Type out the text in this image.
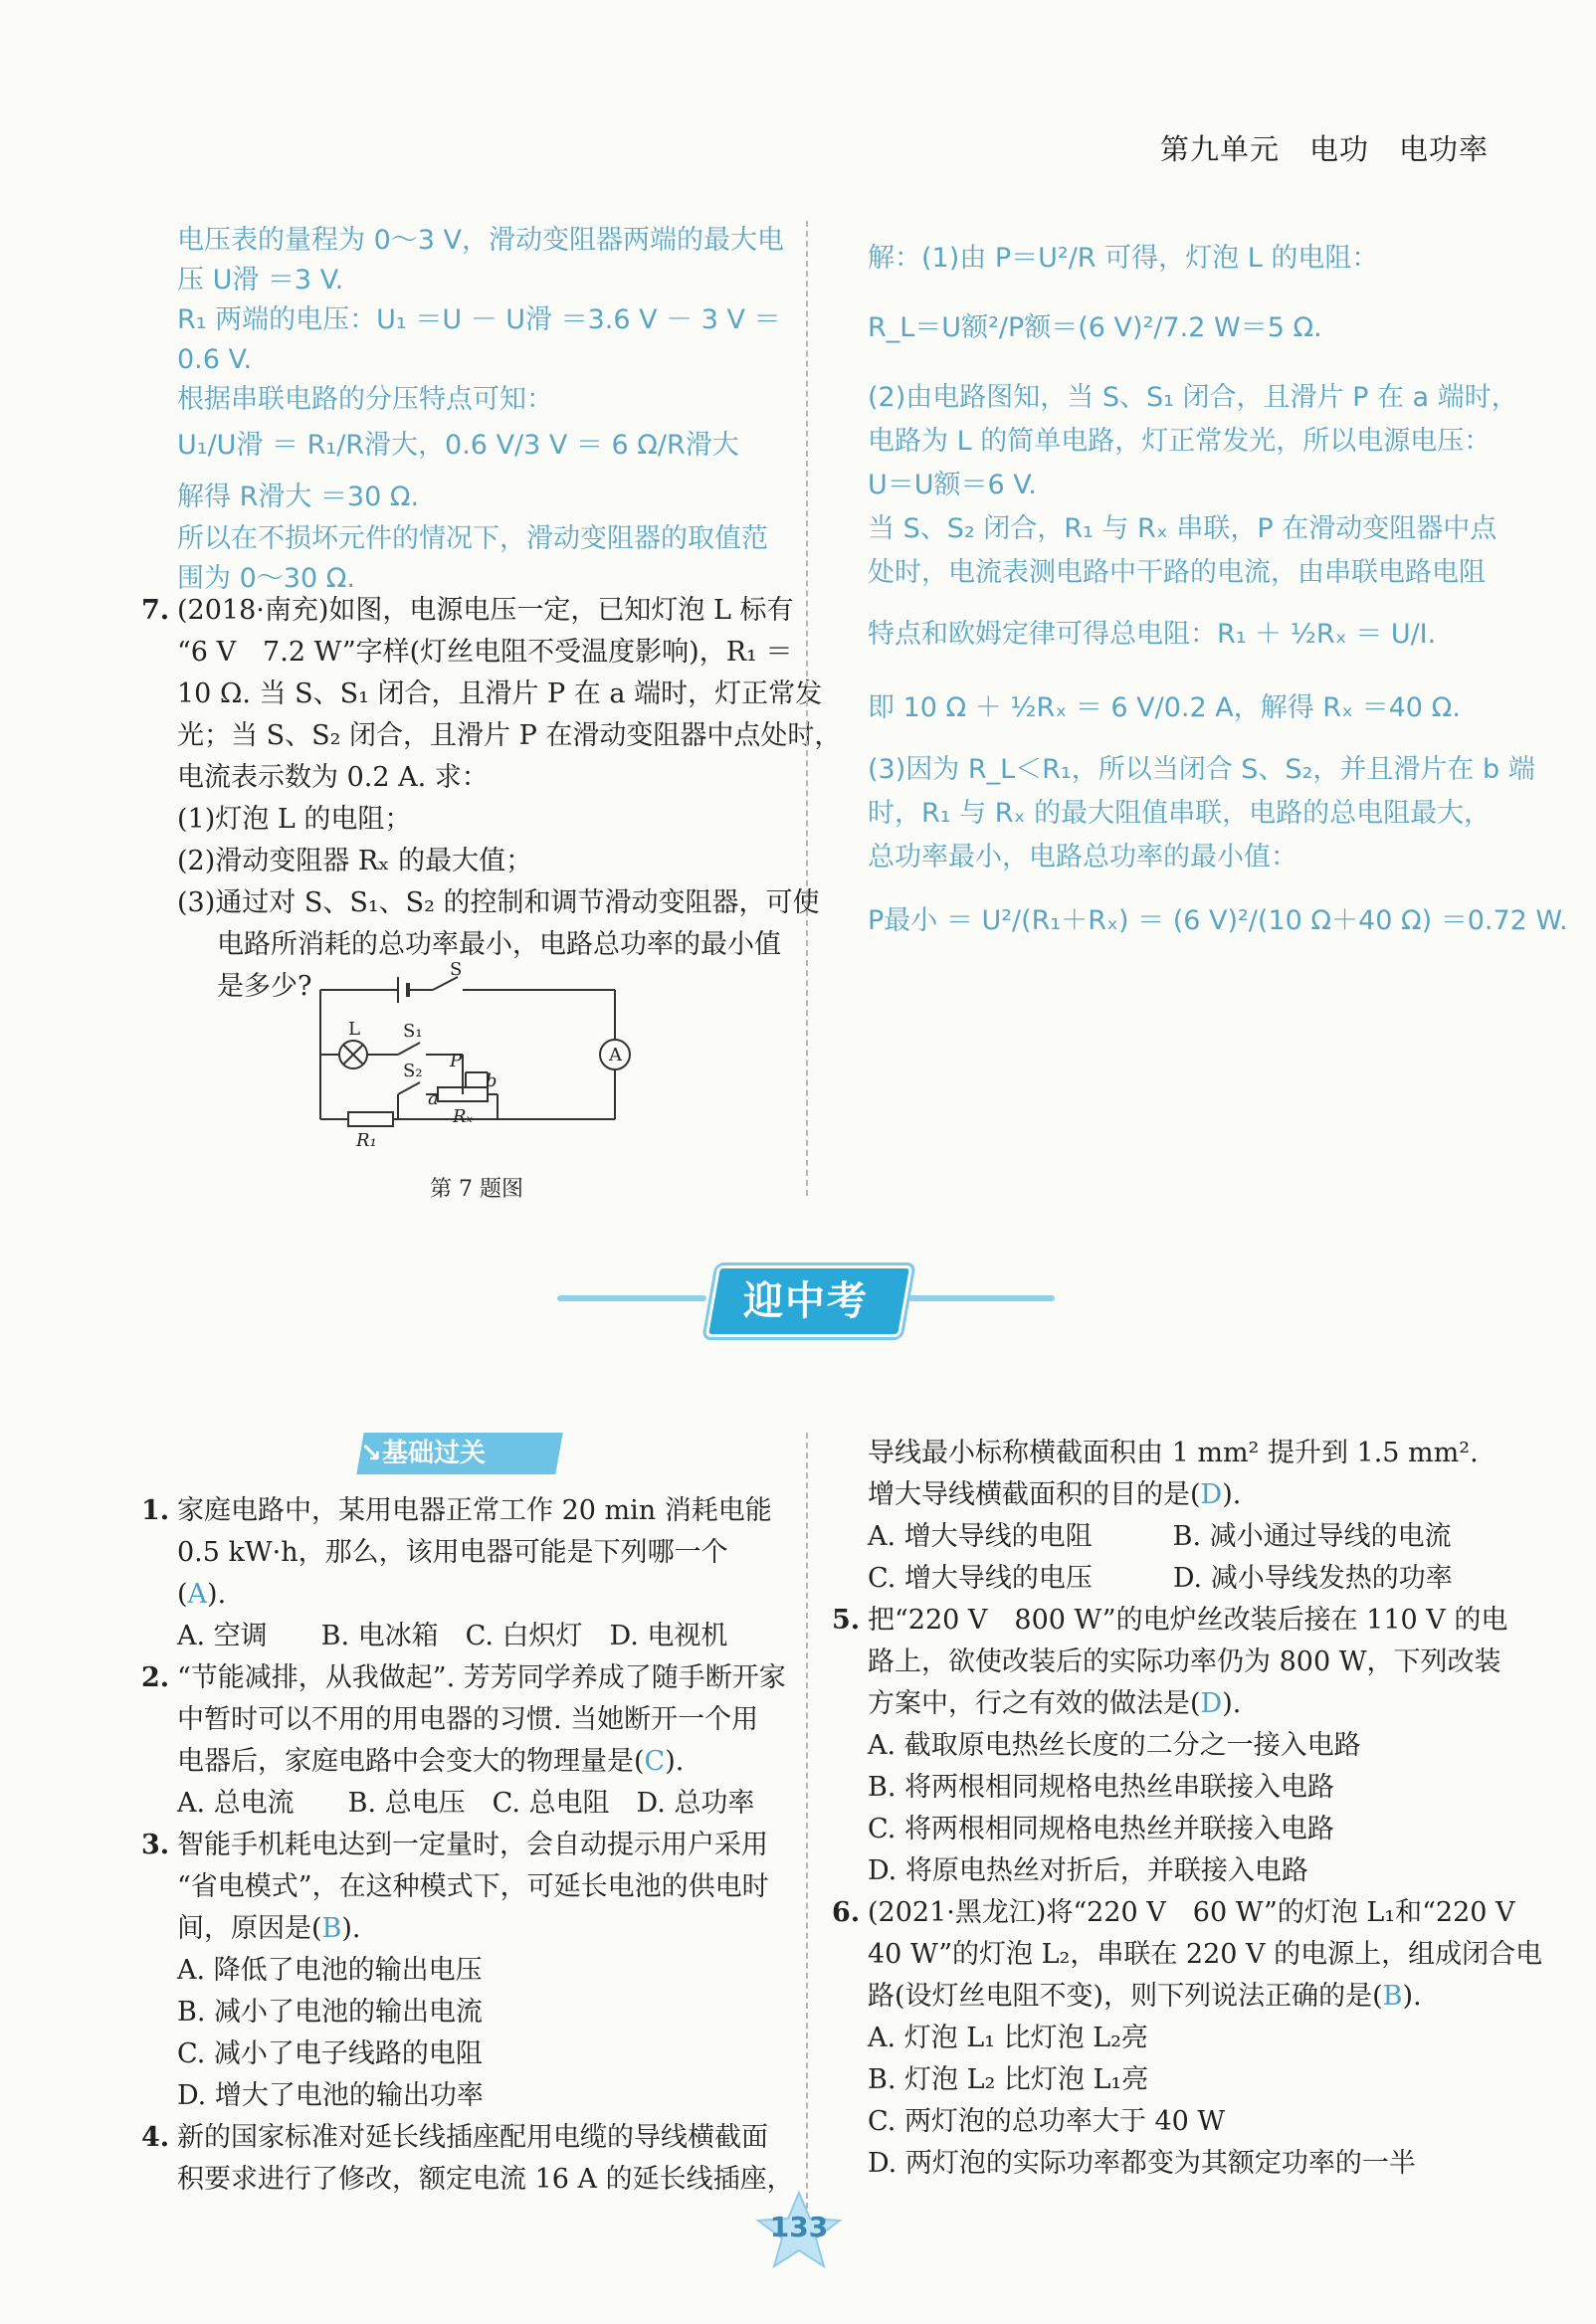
第九单元　电功　电功率
电压表的量程为 0～3 V，滑动变阻器两端的最大电
压 U滑 ＝3 V.
R₁ 两端的电压：U₁ ＝U － U滑 ＝3.6 V － 3 V ＝
0.6 V.
根据串联电路的分压特点可知：
U₁/U滑 ＝ R₁/R滑大，0.6 V/3 V ＝ 6 Ω/R滑大
解得 R滑大 ＝30 Ω.
所以在不损坏元件的情况下，滑动变阻器的取值范
围为 0～30 Ω.
7. (2018·南充)如图，电源电压一定，已知灯泡 L 标有
“6 V　7.2 W”字样(灯丝电阻不受温度影响)，R₁ ＝
10 Ω. 当 S、S₁ 闭合，且滑片 P 在 a 端时，灯正常发
光；当 S、S₂ 闭合，且滑片 P 在滑动变阻器中点处时，
电流表示数为 0.2 A. 求：
(1)灯泡 L 的电阻；
(2)滑动变阻器 Rₓ 的最大值；
(3)通过对 S、S₁、S₂ 的控制和调节滑动变阻器，可使
电路所消耗的总功率最小，电路总功率的最小值
是多少?
S
L S₁
S₂ P
a
b
Rₓ
R₁
A
第 7 题图
解：(1)由 P＝U²/R 可得，灯泡 L 的电阻：
R_L＝U额²/P额＝(6 V)²/7.2 W＝5 Ω.
(2)由电路图知，当 S、S₁ 闭合，且滑片 P 在 a 端时，
电路为 L 的简单电路，灯正常发光，所以电源电压：
U＝U额＝6 V.
当 S、S₂ 闭合，R₁ 与 Rₓ 串联，P 在滑动变阻器中点
处时，电流表测电路中干路的电流，由串联电路电阻
特点和欧姆定律可得总电阻：R₁ ＋ ½Rₓ ＝ U/I.
即 10 Ω ＋ ½Rₓ ＝ 6 V/0.2 A，解得 Rₓ ＝40 Ω.
(3)因为 R_L＜R₁，所以当闭合 S、S₂，并且滑片在 b 端
时，R₁ 与 Rₓ 的最大阻值串联，电路的总电阻最大，
总功率最小，电路总功率的最小值：
P最小 ＝ U²/(R₁＋Rₓ) ＝ (6 V)²/(10 Ω＋40 Ω) ＝0.72 W.
迎中考
↘基础过关
1. 家庭电路中，某用电器正常工作 20 min 消耗电能
0.5 kW·h，那么，该用电器可能是下列哪一个
(A).
A. 空调　　B. 电冰箱　C. 白炽灯　D. 电视机
2. “节能减排，从我做起”. 芳芳同学养成了随手断开家
中暂时可以不用的用电器的习惯. 当她断开一个用
电器后，家庭电路中会变大的物理量是(C).
A. 总电流　　B. 总电压　C. 总电阻　D. 总功率
3. 智能手机耗电达到一定量时，会自动提示用户采用
“省电模式”，在这种模式下，可延长电池的供电时
间，原因是(B).
A. 降低了电池的输出电压
B. 减小了电池的输出电流
C. 减小了电子线路的电阻
D. 增大了电池的输出功率
4. 新的国家标准对延长线插座配用电缆的导线横截面
积要求进行了修改，额定电流 16 A 的延长线插座，
导线最小标称横截面积由 1 mm² 提升到 1.5 mm².
增大导线横截面积的目的是(D).
A. 增大导线的电阻　　　B. 减小通过导线的电流
C. 增大导线的电压　　　D. 减小导线发热的功率
5. 把“220 V　800 W”的电炉丝改装后接在 110 V 的电
路上，欲使改装后的实际功率仍为 800 W，下列改装
方案中，行之有效的做法是(D).
A. 截取原电热丝长度的二分之一接入电路
B. 将两根相同规格电热丝串联接入电路
C. 将两根相同规格电热丝并联接入电路
D. 将原电热丝对折后，并联接入电路
6. (2021·黑龙江)将“220 V　60 W”的灯泡 L₁和“220 V
40 W”的灯泡 L₂，串联在 220 V 的电源上，组成闭合电
路(设灯丝电阻不变)，则下列说法正确的是(B).
A. 灯泡 L₁ 比灯泡 L₂亮
B. 灯泡 L₂ 比灯泡 L₁亮
C. 两灯泡的总功率大于 40 W
D. 两灯泡的实际功率都变为其额定功率的一半
133
